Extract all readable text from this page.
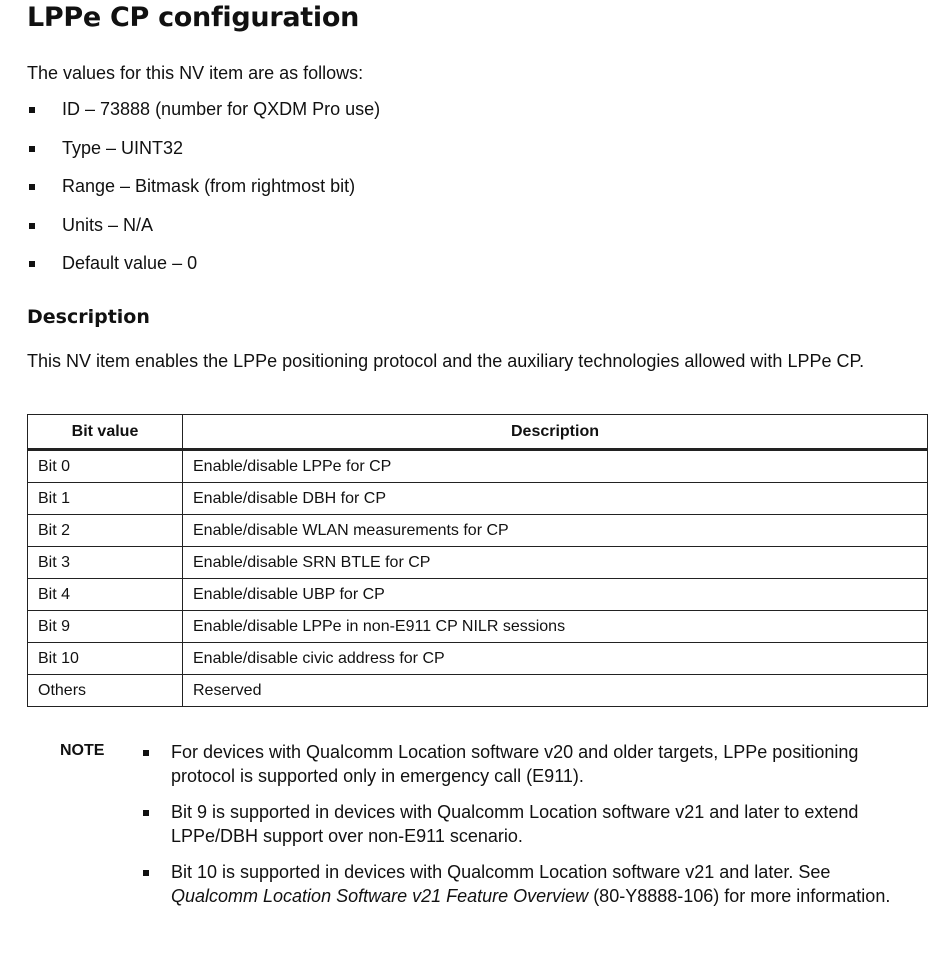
LPPe CP configuration

The values for this NV item are as follows:

ID – 73888 (number for QXDM Pro use)
Type – UINT32
Range – Bitmask (from rightmost bit)
Units – N/A
Default value – 0
Description

This NV item enables the LPPe positioning protocol and the auxiliary technologies allowed with LPPe CP.

Bit value	Description
Bit 0	Enable/disable LPPe for CP
Bit 1	Enable/disable DBH for CP
Bit 2	Enable/disable WLAN measurements for CP
Bit 3	Enable/disable SRN BTLE for CP
Bit 4	Enable/disable UBP for CP
Bit 9	Enable/disable LPPe in non-E911 CP NILR sessions
Bit 10	Enable/disable civic address for CP
Others	Reserved
NOTE	For devices with Qualcomm Location software v20 and older targets, LPPe positioning protocol is supported only in emergency call (E911).
Bit 9 is supported in devices with Qualcomm Location software v21 and later to extend LPPe/DBH support over non-E911 scenario.
Bit 10 is supported in devices with Qualcomm Location software v21 and later. See Qualcomm Location Software v21 Feature Overview (80-Y8888-106) for more information.
